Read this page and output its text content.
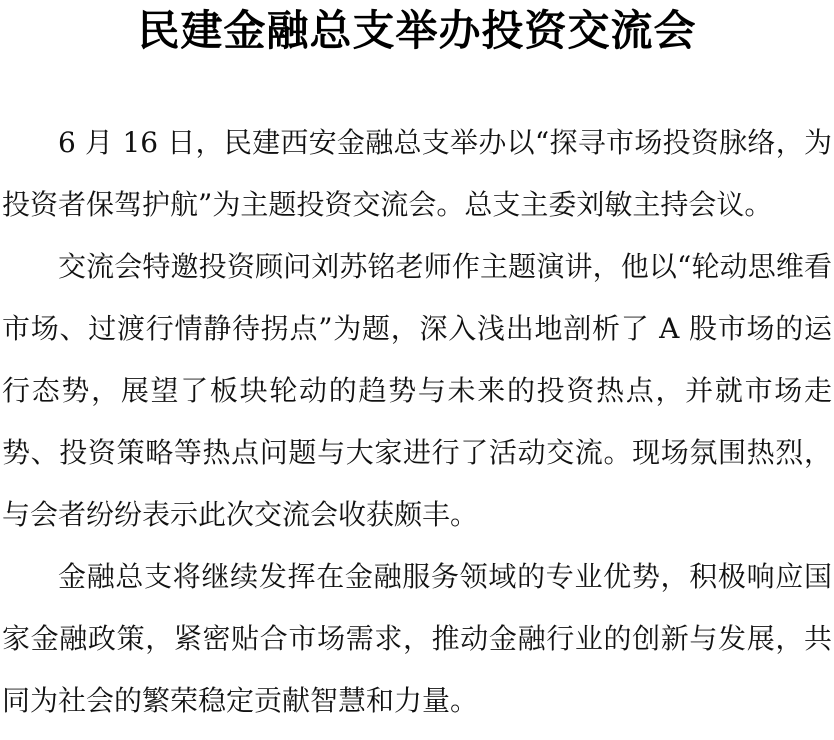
民建金融总支举办投资交流会

6 月 16 日，民建西安金融总支举办以“探寻市场投资脉络，为投资者保驾护航”为主题投资交流会。总支主委刘敏主持会议。

交流会特邀投资顾问刘苏铭老师作主题演讲，他以“轮动思维看市场、过渡行情静待拐点”为题，深入浅出地剖析了 A 股市场的运行态势，展望了板块轮动的趋势与未来的投资热点，并就市场走势、投资策略等热点问题与大家进行了活动交流。现场氛围热烈，与会者纷纷表示此次交流会收获颇丰。

金融总支将继续发挥在金融服务领域的专业优势，积极响应国家金融政策，紧密贴合市场需求，推动金融行业的创新与发展，共同为社会的繁荣稳定贡献智慧和力量。
